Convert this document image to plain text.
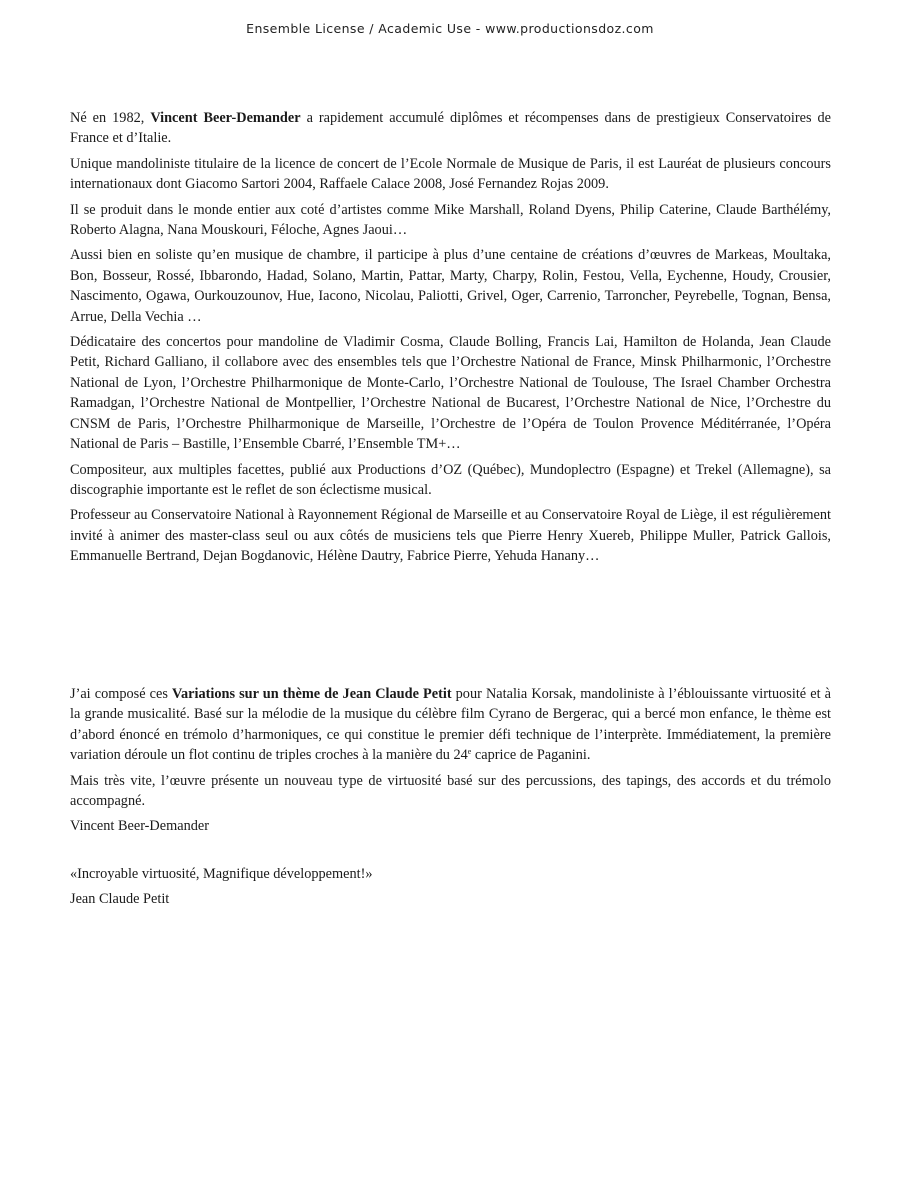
Ensemble License / Academic Use - www.productionsdoz.com

Né en 1982, Vincent Beer-Demander a rapidement accumulé diplômes et récompenses dans de prestigieux Conservatoires de France et d’Italie.

Unique mandoliniste titulaire de la licence de concert de l’Ecole Normale de Musique de Paris, il est Lauréat de plusieurs concours internationaux dont Giacomo Sartori 2004, Raffaele Calace 2008, José Fernandez Rojas 2009.

Il se produit dans le monde entier aux coté d’artistes comme Mike Marshall, Roland Dyens, Philip Caterine, Claude Barthélémy, Roberto Alagna, Nana Mouskouri, Féloche, Agnes Jaoui…

Aussi bien en soliste qu’en musique de chambre, il participe à plus d’une centaine de créations d’œuvres de Markeas, Moultaka, Bon, Bosseur, Rossé, Ibbarondo, Hadad, Solano, Martin, Pattar, Marty, Charpy, Rolin, Festou, Vella, Eychenne, Houdy, Crousier, Nascimento, Ogawa, Ourkouzounov, Hue, Iacono, Nicolau, Paliotti, Grivel, Oger, Carrenio, Tarroncher, Peyrebelle, Tognan, Bensa, Arrue, Della Vechia …

Dédicataire des concertos pour mandoline de Vladimir Cosma, Claude Bolling, Francis Lai, Hamilton de Holanda, Jean Claude Petit, Richard Galliano, il collabore avec des ensembles tels que l’Orchestre National de France, Minsk Philharmonic, l’Orchestre National de Lyon, l’Orchestre Philharmonique de Monte-Carlo, l’Orchestre National de Toulouse, The Israel Chamber Orchestra Ramadgan, l’Orchestre National de Montpellier, l’Orchestre National de Bucarest, l’Orchestre National de Nice, l’Orchestre du CNSM de Paris, l’Orchestre Philharmonique de Marseille, l’Orchestre de l’Opéra de Toulon Provence Méditérranée, l’Opéra National de Paris – Bastille, l’Ensemble Cbarré, l’Ensemble TM+…

Compositeur, aux multiples facettes, publié aux Productions d’OZ (Québec), Mundoplectro (Espagne) et Trekel (Allemagne), sa discographie importante est le reflet de son éclectisme musical.

Professeur au Conservatoire National à Rayonnement Régional de Marseille et au Conservatoire Royal de Liège, il est régulièrement invité à animer des master-class seul ou aux côtés de musiciens tels que Pierre Henry Xuereb, Philippe Muller, Patrick Gallois, Emmanuelle Bertrand, Dejan Bogdanovic, Hélène Dautry, Fabrice Pierre, Yehuda Hanany…

J’ai composé ces Variations sur un thème de Jean Claude Petit pour Natalia Korsak, mandoliniste à l’éblouissante virtuosité et à la grande musicalité. Basé sur la mélodie de la musique du célèbre film Cyrano de Bergerac, qui a bercé mon enfance, le thème est d’abord énoncé en trémolo d’harmoniques, ce qui constitue le premier défi technique de l’interprète. Immédiatement, la première variation déroule un flot continu de triples croches à la manière du 24e caprice de Paganini.

Mais très vite, l’œuvre présente un nouveau type de virtuosité basé sur des percussions, des tapings, des accords et du trémolo accompagné.

Vincent Beer-Demander

«Incroyable virtuosité, Magnifique développement!»

Jean Claude Petit
